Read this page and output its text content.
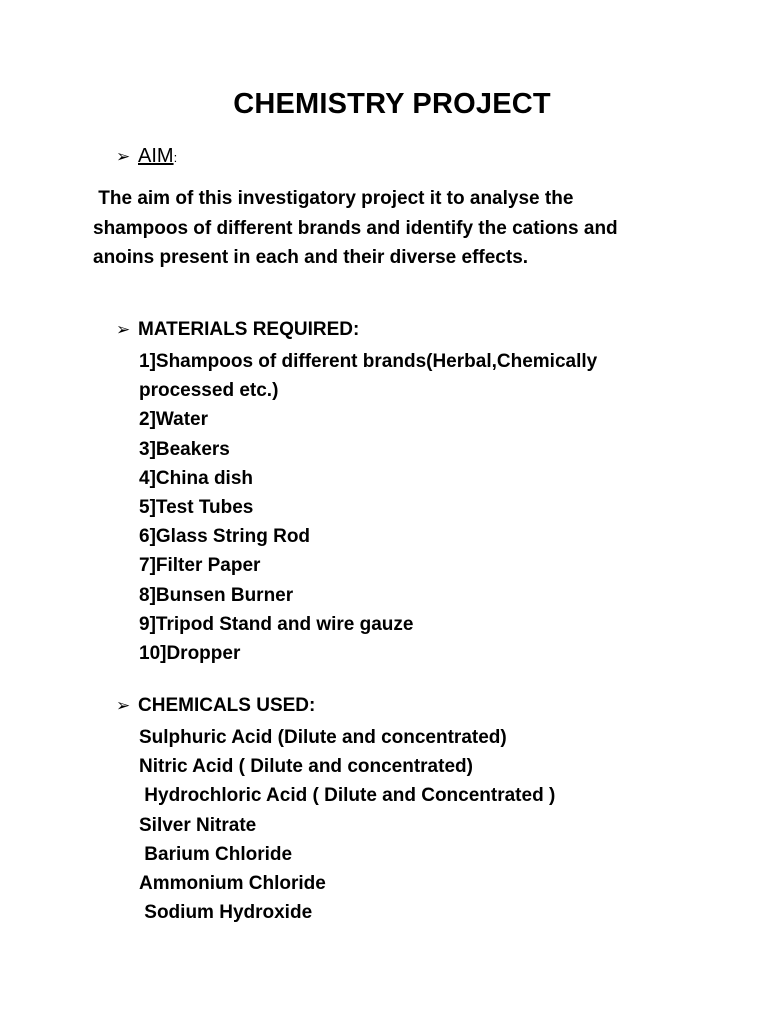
CHEMISTRY PROJECT
➢ AIM:
The aim of this investigatory project it to analyse the
shampoos of different brands and identify the cations and
anoins present in each and their diverse effects.
➢ MATERIALS REQUIRED:
1]Shampoos of different brands(Herbal,Chemically
processed etc.)
2]Water
3]Beakers
4]China dish
5]Test Tubes
6]Glass String Rod
7]Filter Paper
8]Bunsen Burner
9]Tripod Stand and wire gauze
10]Dropper
➢ CHEMICALS USED:
Sulphuric Acid (Dilute and concentrated)
Nitric Acid ( Dilute and concentrated)
Hydrochloric Acid ( Dilute and Concentrated )
Silver Nitrate
Barium Chloride
Ammonium Chloride
Sodium Hydroxide
